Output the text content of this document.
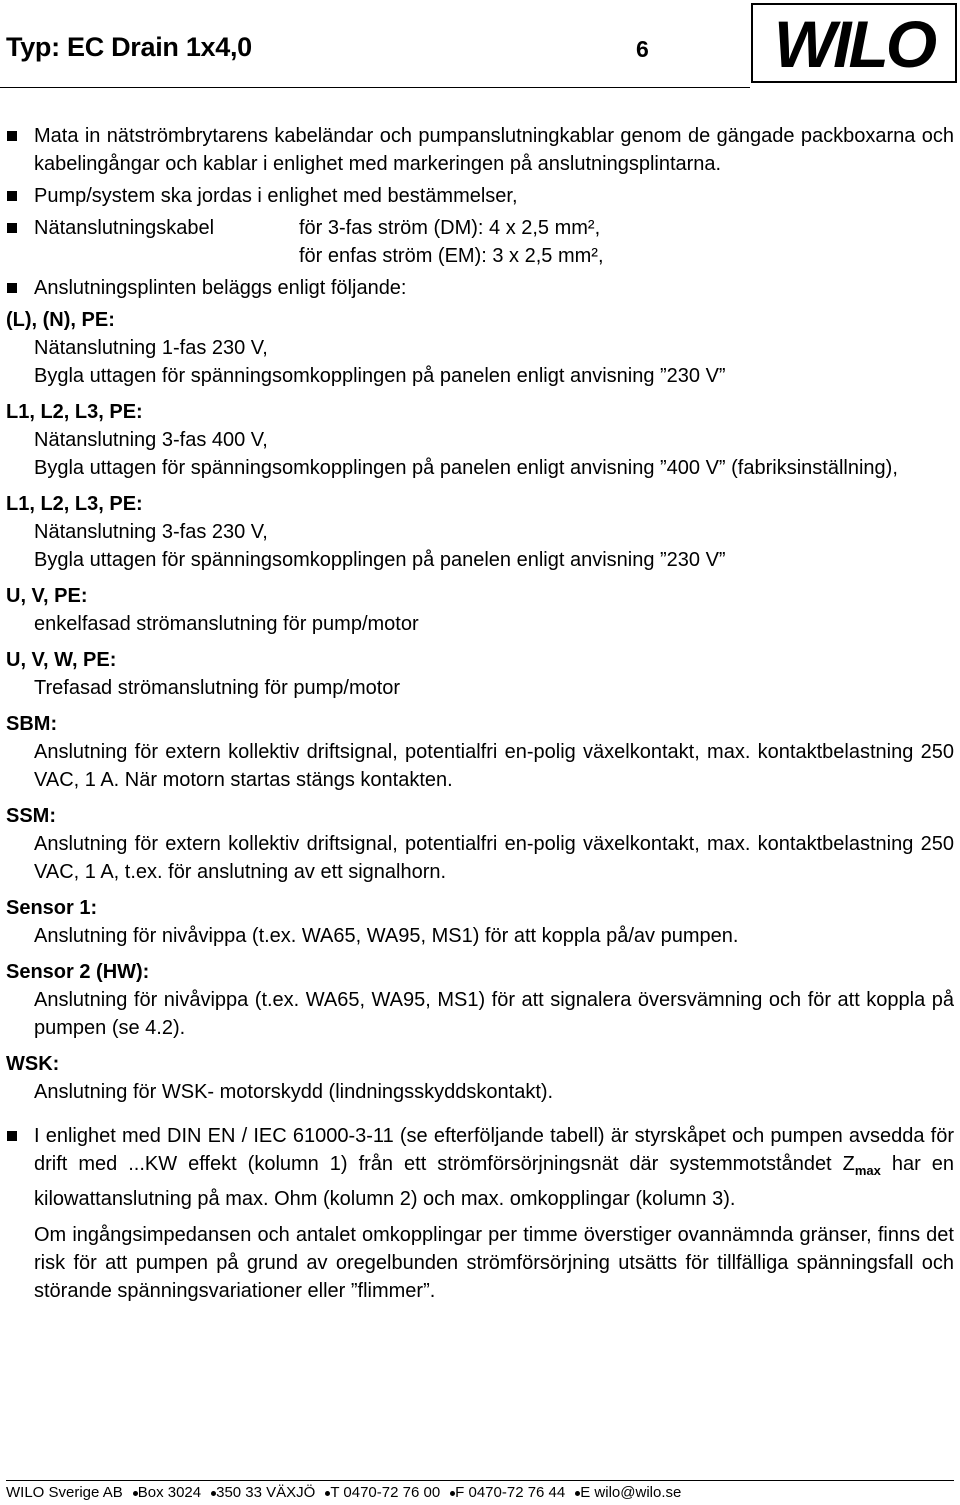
Typ: EC Drain 1x4,0	6 WILO

Mata in nätströmbrytarens kabeländar och pumpanslutningkablar genom de gängade packboxarna och kabelingångar och kablar i enlighet med markeringen på anslutningsplintarna.

Pump/system ska jordas i enlighet med bestämmelser,

Nätanslutningskabel	för 3-fas ström (DM): 4 x 2,5 mm²,

för enfas ström (EM): 3 x 2,5 mm²,

Anslutningsplinten beläggs enligt följande:

(L), (N), PE:

Nätanslutning 1-fas 230 V,

Bygla uttagen för spänningsomkopplingen på panelen enligt anvisning ”230 V”

L1, L2, L3, PE:

Nätanslutning 3-fas 400 V,

Bygla uttagen för spänningsomkopplingen på panelen enligt anvisning ”400 V” (fabriksinställning),

L1, L2, L3, PE:

Nätanslutning 3-fas 230 V,

Bygla uttagen för spänningsomkopplingen på panelen enligt anvisning ”230 V”

U, V, PE:

enkelfasad strömanslutning för pump/motor

U, V, W, PE:

Trefasad strömanslutning för pump/motor

SBM:

Anslutning för extern kollektiv driftsignal, potentialfri en-polig växelkontakt, max. kontaktbelastning 250 VAC, 1 A. När motorn startas stängs kontakten.

SSM:

Anslutning för extern kollektiv driftsignal, potentialfri en-polig växelkontakt, max. kontaktbelastning 250 VAC, 1 A, t.ex. för anslutning av ett signalhorn.

Sensor 1:

Anslutning för nivåvippa (t.ex. WA65, WA95, MS1) för att koppla på/av pumpen.

Sensor 2 (HW):

Anslutning för nivåvippa (t.ex. WA65, WA95, MS1) för att signalera översvämning och för att koppla på pumpen (se 4.2).

WSK:

Anslutning för WSK- motorskydd (lindningsskyddskontakt).

I enlighet med DIN EN / IEC 61000-3-11 (se efterföljande tabell) är styrskåpet och pumpen avsedda för drift med ...KW effekt (kolumn 1) från ett strömförsörjningsnät där systemmotståndet $Z_{max}$ har en kilowattanslutning på max. Ohm (kolumn 2) och max. omkopplingar (kolumn 3).

Om ingångsimpedansen och antalet omkopplingar per timme överstiger ovannämnda gränser, finns det risk för att pumpen på grund av oregelbunden strömförsörjning utsätts för tillfälliga spänningsfall och störande spänningsvariationer eller ”flimmer”.

WILO Sverige AB Box 3024 350 33 VÄXJÖ T 0470-72 76 00 F 0470-72 76 44 E wilo@wilo.se
